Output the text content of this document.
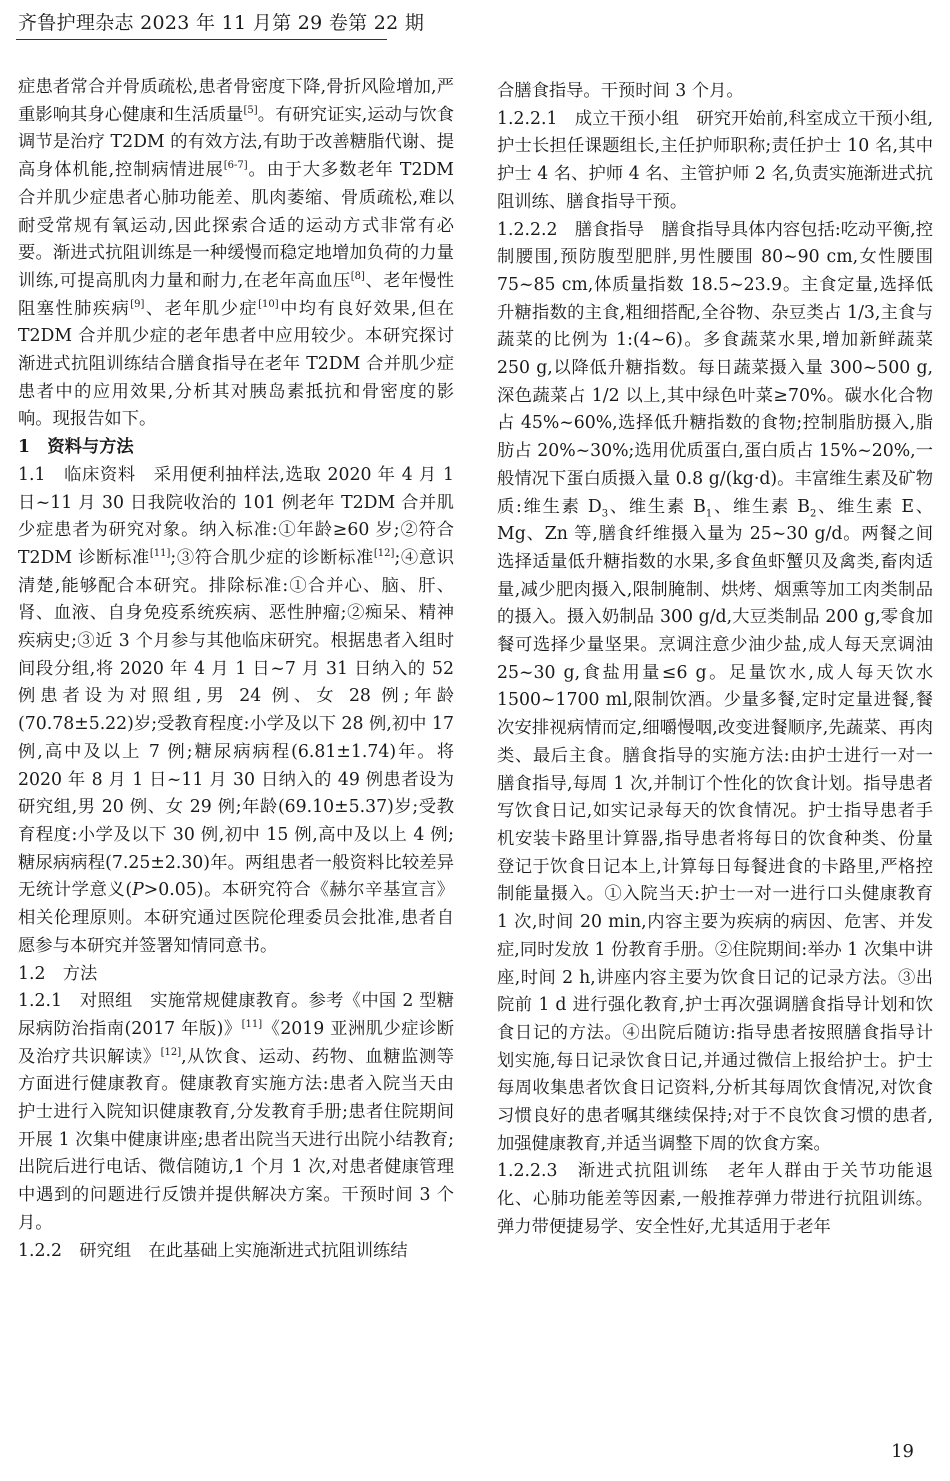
齐鲁护理杂志 2023 年 11 月第 29 卷第 22 期

症患者常合并骨质疏松,患者骨密度下降,骨折风险增加,严重影响其身心健康和生活质量[5]。有研究证实,运动与饮食调节是治疗 T2DM 的有效方法,有助于改善糖脂代谢、提高身体机能,控制病情进展[6-7]。由于大多数老年 T2DM 合并肌少症患者心肺功能差、肌肉萎缩、骨质疏松,难以耐受常规有氧运动,因此探索合适的运动方式非常有必要。渐进式抗阻训练是一种缓慢而稳定地增加负荷的力量训练,可提高肌肉力量和耐力,在老年高血压[8]、老年慢性阻塞性肺疾病[9]、老年肌少症[10]中均有良好效果,但在 T2DM 合并肌少症的老年患者中应用较少。本研究探讨渐进式抗阻训练结合膳食指导在老年 T2DM 合并肌少症患者中的应用效果,分析其对胰岛素抵抗和骨密度的影响。现报告如下。

1　资料与方法

1.1　临床资料　采用便利抽样法,选取 2020 年 4 月 1 日~11 月 30 日我院收治的 101 例老年 T2DM 合并肌少症患者为研究对象。纳入标准:①年龄≥60 岁;②符合 T2DM 诊断标准[11];③符合肌少症的诊断标准[12];④意识清楚,能够配合本研究。排除标准:①合并心、脑、肝、肾、血液、自身免疫系统疾病、恶性肿瘤;②痴呆、精神疾病史;③近 3 个月参与其他临床研究。根据患者入组时间段分组,将 2020 年 4 月 1 日~7 月 31 日纳入的 52 例患者设为对照组,男 24 例、女 28 例;年龄(70.78±5.22)岁;受教育程度:小学及以下 28 例,初中 17 例,高中及以上 7 例;糖尿病病程(6.81±1.74)年。将 2020 年 8 月 1 日~11 月 30 日纳入的 49 例患者设为研究组,男 20 例、女 29 例;年龄(69.10±5.37)岁;受教育程度:小学及以下 30 例,初中 15 例,高中及以上 4 例;糖尿病病程(7.25±2.30)年。两组患者一般资料比较差异无统计学意义(P>0.05)。本研究符合《赫尔辛基宣言》相关伦理原则。本研究通过医院伦理委员会批准,患者自愿参与本研究并签署知情同意书。

1.2　方法

1.2.1　对照组　实施常规健康教育。参考《中国 2 型糖尿病防治指南(2017 年版)》[11]《2019 亚洲肌少症诊断及治疗共识解读》[12],从饮食、运动、药物、血糖监测等方面进行健康教育。健康教育实施方法:患者入院当天由护士进行入院知识健康教育,分发教育手册;患者住院期间开展 1 次集中健康讲座;患者出院当天进行出院小结教育;出院后进行电话、微信随访,1 个月 1 次,对患者健康管理中遇到的问题进行反馈并提供解决方案。干预时间 3 个月。

1.2.2　研究组　在此基础上实施渐进式抗阻训练结

合膳食指导。干预时间 3 个月。

1.2.2.1　成立干预小组　研究开始前,科室成立干预小组,护士长担任课题组长,主任护师职称;责任护士 10 名,其中护士 4 名、护师 4 名、主管护师 2 名,负责实施渐进式抗阻训练、膳食指导干预。

1.2.2.2　膳食指导　膳食指导具体内容包括:吃动平衡,控制腰围,预防腹型肥胖,男性腰围 80~90 cm,女性腰围 75~85 cm,体质量指数 18.5~23.9。主食定量,选择低升糖指数的主食,粗细搭配,全谷物、杂豆类占 1/3,主食与蔬菜的比例为 1:(4~6)。多食蔬菜水果,增加新鲜蔬菜 250 g,以降低升糖指数。每日蔬菜摄入量 300~500 g,深色蔬菜占 1/2 以上,其中绿色叶菜≥70%。碳水化合物占 45%~60%,选择低升糖指数的食物;控制脂肪摄入,脂肪占 20%~30%;选用优质蛋白,蛋白质占 15%~20%,一般情况下蛋白质摄入量 0.8 g/(kg·d)。丰富维生素及矿物质:维生素 $D_3$、维生素 $B_1$、维生素 $B_2$、维生素 E、Mg、Zn 等,膳食纤维摄入量为 25~30 g/d。两餐之间选择适量低升糖指数的水果,多食鱼虾蟹贝及禽类,畜肉适量,减少肥肉摄入,限制腌制、烘烤、烟熏等加工肉类制品的摄入。摄入奶制品 300 g/d,大豆类制品 200 g,零食加餐可选择少量坚果。烹调注意少油少盐,成人每天烹调油 25~30 g,食盐用量≤6 g。足量饮水,成人每天饮水 1500~1700 ml,限制饮酒。少量多餐,定时定量进餐,餐次安排视病情而定,细嚼慢咽,改变进餐顺序,先蔬菜、再肉类、最后主食。膳食指导的实施方法:由护士进行一对一膳食指导,每周 1 次,并制订个性化的饮食计划。指导患者写饮食日记,如实记录每天的饮食情况。护士指导患者手机安装卡路里计算器,指导患者将每日的饮食种类、份量登记于饮食日记本上,计算每日每餐进食的卡路里,严格控制能量摄入。①入院当天:护士一对一进行口头健康教育 1 次,时间 20 min,内容主要为疾病的病因、危害、并发症,同时发放 1 份教育手册。②住院期间:举办 1 次集中讲座,时间 2 h,讲座内容主要为饮食日记的记录方法。③出院前 1 d 进行强化教育,护士再次强调膳食指导计划和饮食日记的方法。④出院后随访:指导患者按照膳食指导计划实施,每日记录饮食日记,并通过微信上报给护士。护士每周收集患者饮食日记资料,分析其每周饮食情况,对饮食习惯良好的患者嘱其继续保持;对于不良饮食习惯的患者,加强健康教育,并适当调整下周的饮食方案。

1.2.2.3　渐进式抗阻训练　老年人群由于关节功能退化、心肺功能差等因素,一般推荐弹力带进行抗阻训练。弹力带便捷易学、安全性好,尤其适用于老年

19
